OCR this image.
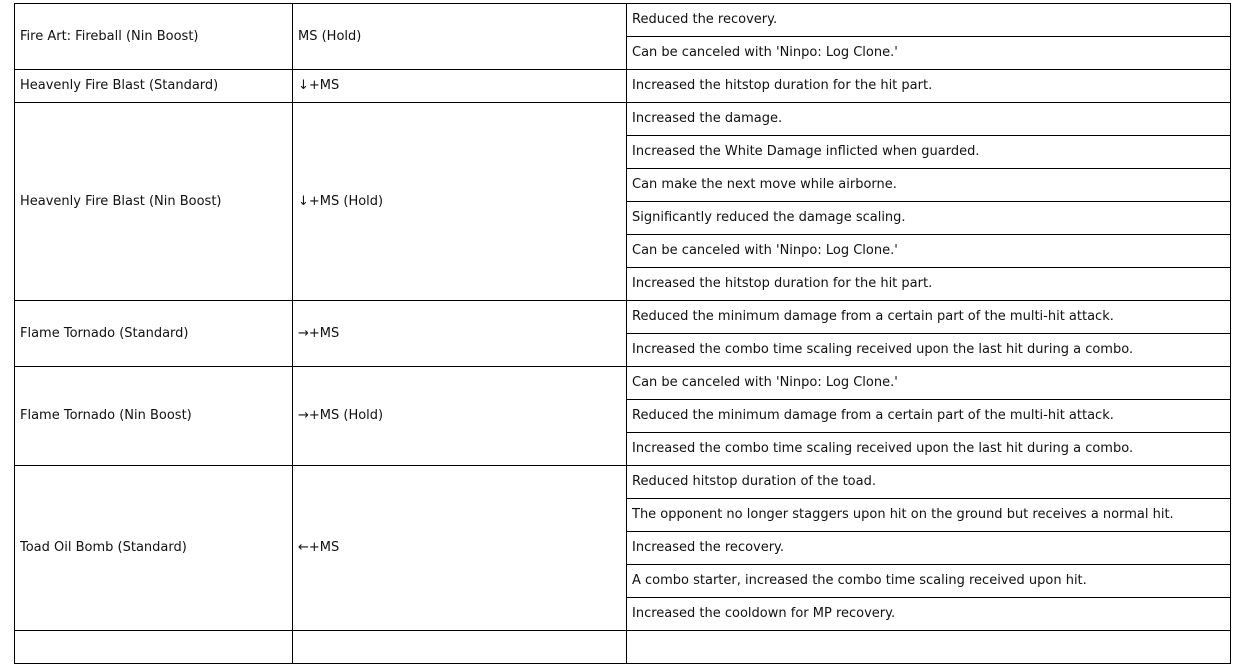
Fire Art: Fireball (Nin Boost)	MS (Hold)	Reduced the recovery.
		Can be canceled with 'Ninpo: Log Clone.'
Heavenly Fire Blast (Standard)	↓+MS	Increased the hitstop duration for the hit part.
Heavenly Fire Blast (Nin Boost)	↓+MS (Hold)	Increased the damage.
		Increased the White Damage inflicted when guarded.
		Can make the next move while airborne.
		Significantly reduced the damage scaling.
		Can be canceled with 'Ninpo: Log Clone.'
		Increased the hitstop duration for the hit part.
Flame Tornado (Standard)	→+MS	Reduced the minimum damage from a certain part of the multi-hit attack.
		Increased the combo time scaling received upon the last hit during a combo.
Flame Tornado (Nin Boost)	→+MS (Hold)	Can be canceled with 'Ninpo: Log Clone.'
		Reduced the minimum damage from a certain part of the multi-hit attack.
		Increased the combo time scaling received upon the last hit during a combo.
Toad Oil Bomb (Standard)	←+MS	Reduced hitstop duration of the toad.
		The opponent no longer staggers upon hit on the ground but receives a normal hit.
		Increased the recovery.
		A combo starter, increased the combo time scaling received upon hit.
		Increased the cooldown for MP recovery.
